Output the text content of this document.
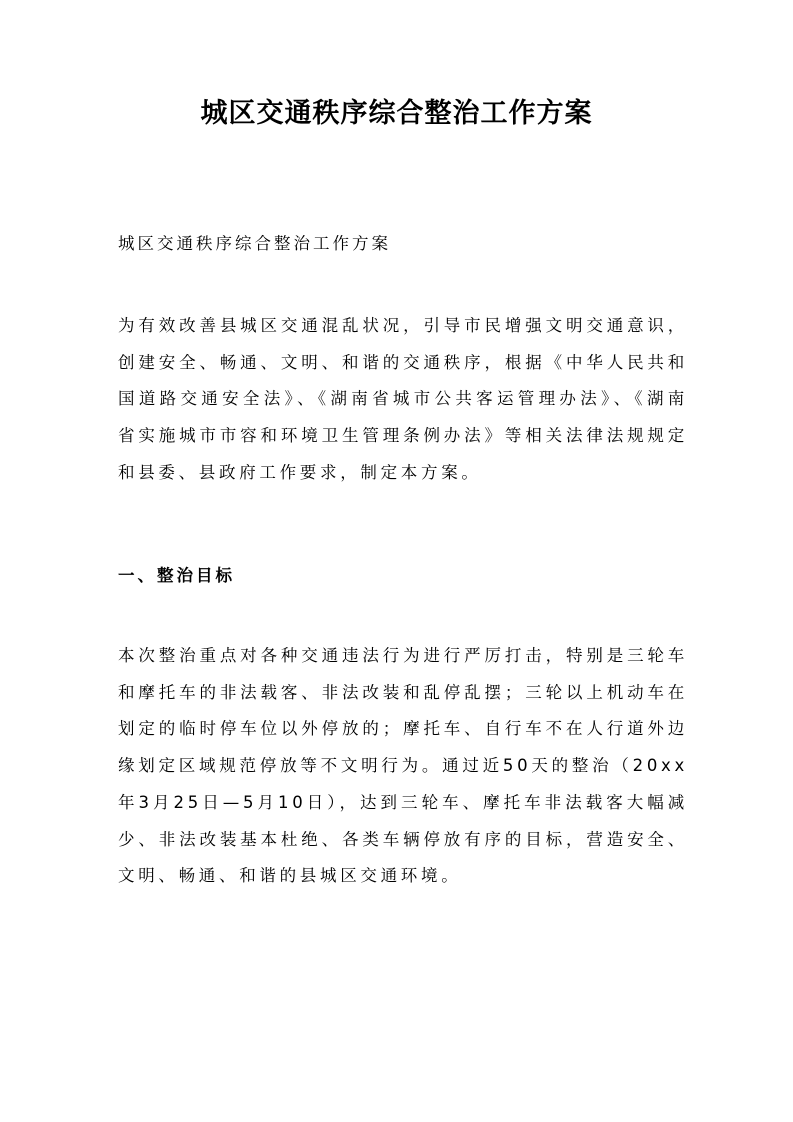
城区交通秩序综合整治工作方案

城区交通秩序综合整治工作方案

为有效改善县城区交通混乱状况，引导市民增强文明交通意识，创建安全、畅通、文明、和谐的交通秩序，根据《中华人民共和国道路交通安全法》、《湖南省城市公共客运管理办法》、《湖南省实施城市市容和环境卫生管理条例办法》等相关法律法规规定和县委、县政府工作要求，制定本方案。

一、整治目标

本次整治重点对各种交通违法行为进行严厉打击，特别是三轮车和摩托车的非法载客、非法改装和乱停乱摆；三轮以上机动车在划定的临时停车位以外停放的；摩托车、自行车不在人行道外边缘划定区域规范停放等不文明行为。通过近50天的整治（20xx年3月25日—5月10日），达到三轮车、摩托车非法载客大幅减少、非法改装基本杜绝、各类车辆停放有序的目标，营造安全、文明、畅通、和谐的县城区交通环境。
